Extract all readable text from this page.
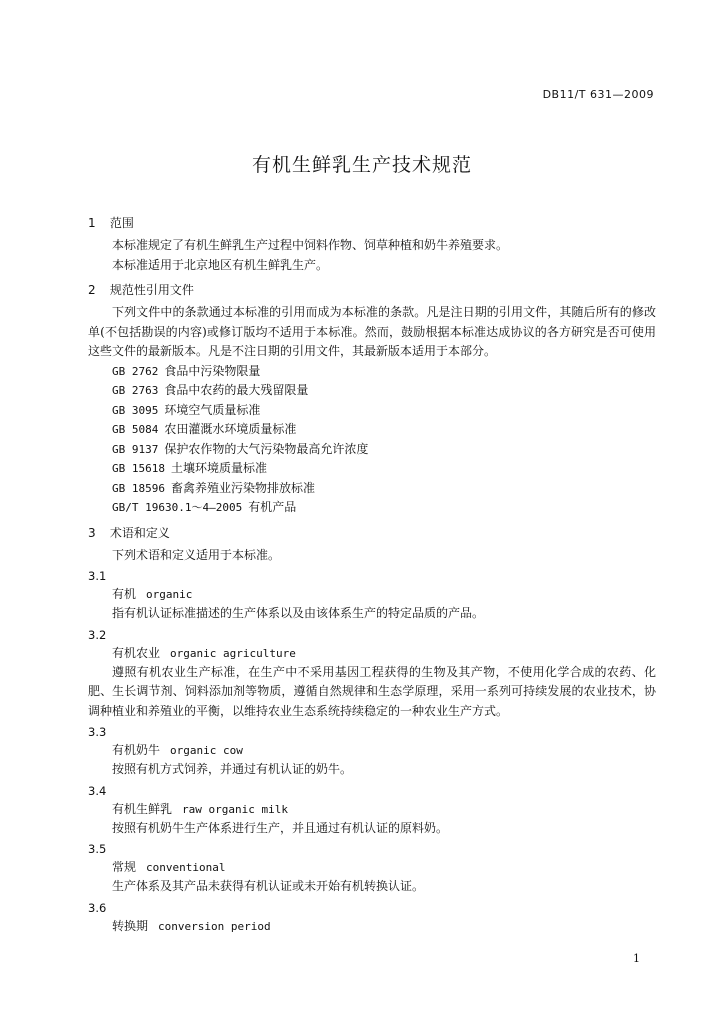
DB11/T 631—2009
有机生鲜乳生产技术规范
1 范围
本标准规定了有机生鲜乳生产过程中饲料作物、饲草种植和奶牛养殖要求。
本标准适用于北京地区有机生鲜乳生产。
2 规范性引用文件

下列文件中的条款通过本标准的引用而成为本标准的条款。凡是注日期的引用文件，其随后所有的修改单(不包括勘误的内容)或修订版均不适用于本标准。然而，鼓励根据本标准达成协议的各方研究是否可使用这些文件的最新版本。凡是不注日期的引用文件，其最新版本适用于本部分。

GB 2762 食品中污染物限量
GB 2763 食品中农药的最大残留限量
GB 3095 环境空气质量标准
GB 5084 农田灌溉水环境质量标准
GB 9137 保护农作物的大气污染物最高允许浓度
GB 15618 土壤环境质量标准
GB 18596 畜禽养殖业污染物排放标准
GB/T 19630.1～4—2005 有机产品
3 术语和定义
下列术语和定义适用于本标准。
3.1
有机 organic

指有机认证标准描述的生产体系以及由该体系生产的特定品质的产品。

3.2
有机农业 organic agriculture

遵照有机农业生产标准，在生产中不采用基因工程获得的生物及其产物，不使用化学合成的农药、化肥、生长调节剂、饲料添加剂等物质，遵循自然规律和生态学原理，采用一系列可持续发展的农业技术，协调种植业和养殖业的平衡，以维持农业生态系统持续稳定的一种农业生产方式。

3.3
有机奶牛 organic cow

按照有机方式饲养，并通过有机认证的奶牛。

3.4
有机生鲜乳 raw organic milk

按照有机奶牛生产体系进行生产，并且通过有机认证的原料奶。

3.5
常规 conventional

生产体系及其产品未获得有机认证或未开始有机转换认证。

3.6
转换期 conversion period
1
